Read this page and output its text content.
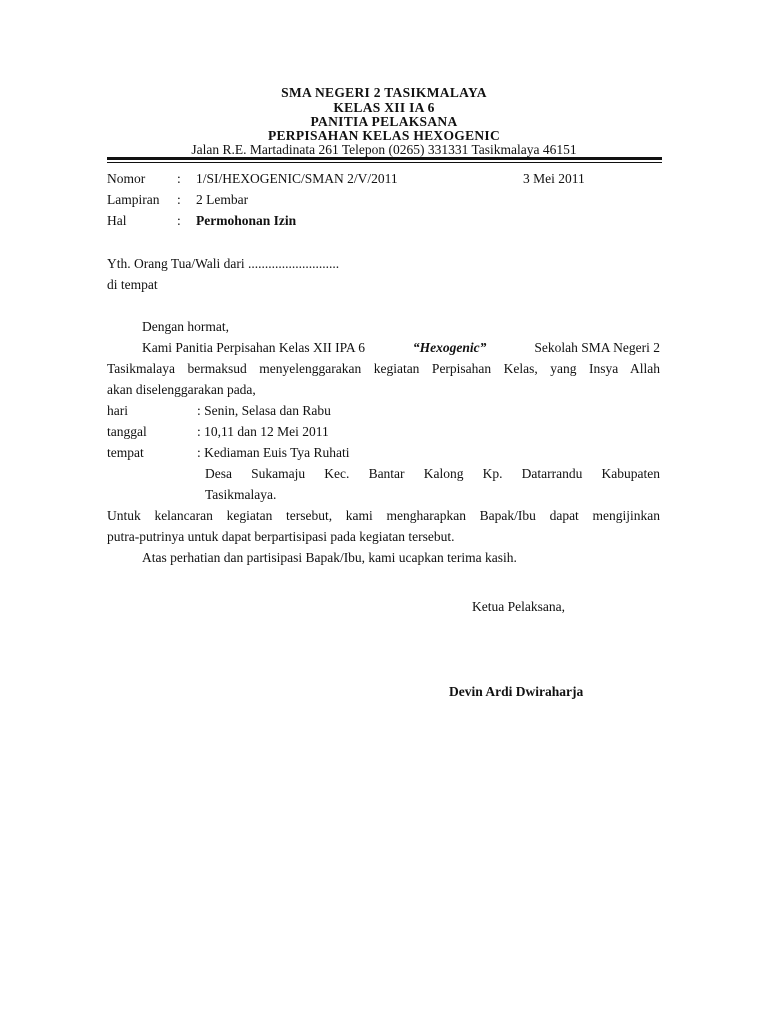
SMA NEGERI 2 TASIKMALAYA
KELAS XII IA 6
PANITIA PELAKSANA
PERPISAHAN KELAS HEXOGENIC
Jalan R.E. Martadinata 261 Telepon (0265) 331331 Tasikmalaya 46151
Nomor : 1/SI/HEXOGENIC/SMAN 2/V/2011	3 Mei 2011
Lampiran : 2 Lembar
Hal	: Permohonan Izin
Yth. Orang Tua/Wali dari ...........................
di tempat
Dengan hormat,
Kami Panitia Perpisahan Kelas XII IPA 6	“Hexogenic”	Sekolah SMA Negeri 2
Tasikmalaya bermaksud menyelenggarakan kegiatan Perpisahan Kelas, yang Insya Allah
akan diselenggarakan pada,
hari	: Senin, Selasa dan Rabu
tanggal	: 10,11 dan 12 Mei 2011
tempat	: Kediaman Euis Tya Ruhati
Desa Sukamaju Kec. Bantar Kalong Kp. Datarrandu Kabupaten
Tasikmalaya.
Untuk kelancaran kegiatan tersebut, kami mengharapkan Bapak/Ibu dapat mengijinkan
putra-putrinya untuk dapat berpartisipasi pada kegiatan tersebut.
Atas perhatian dan partisipasi Bapak/Ibu, kami ucapkan terima kasih.
Ketua Pelaksana,
Devin Ardi Dwiraharja
